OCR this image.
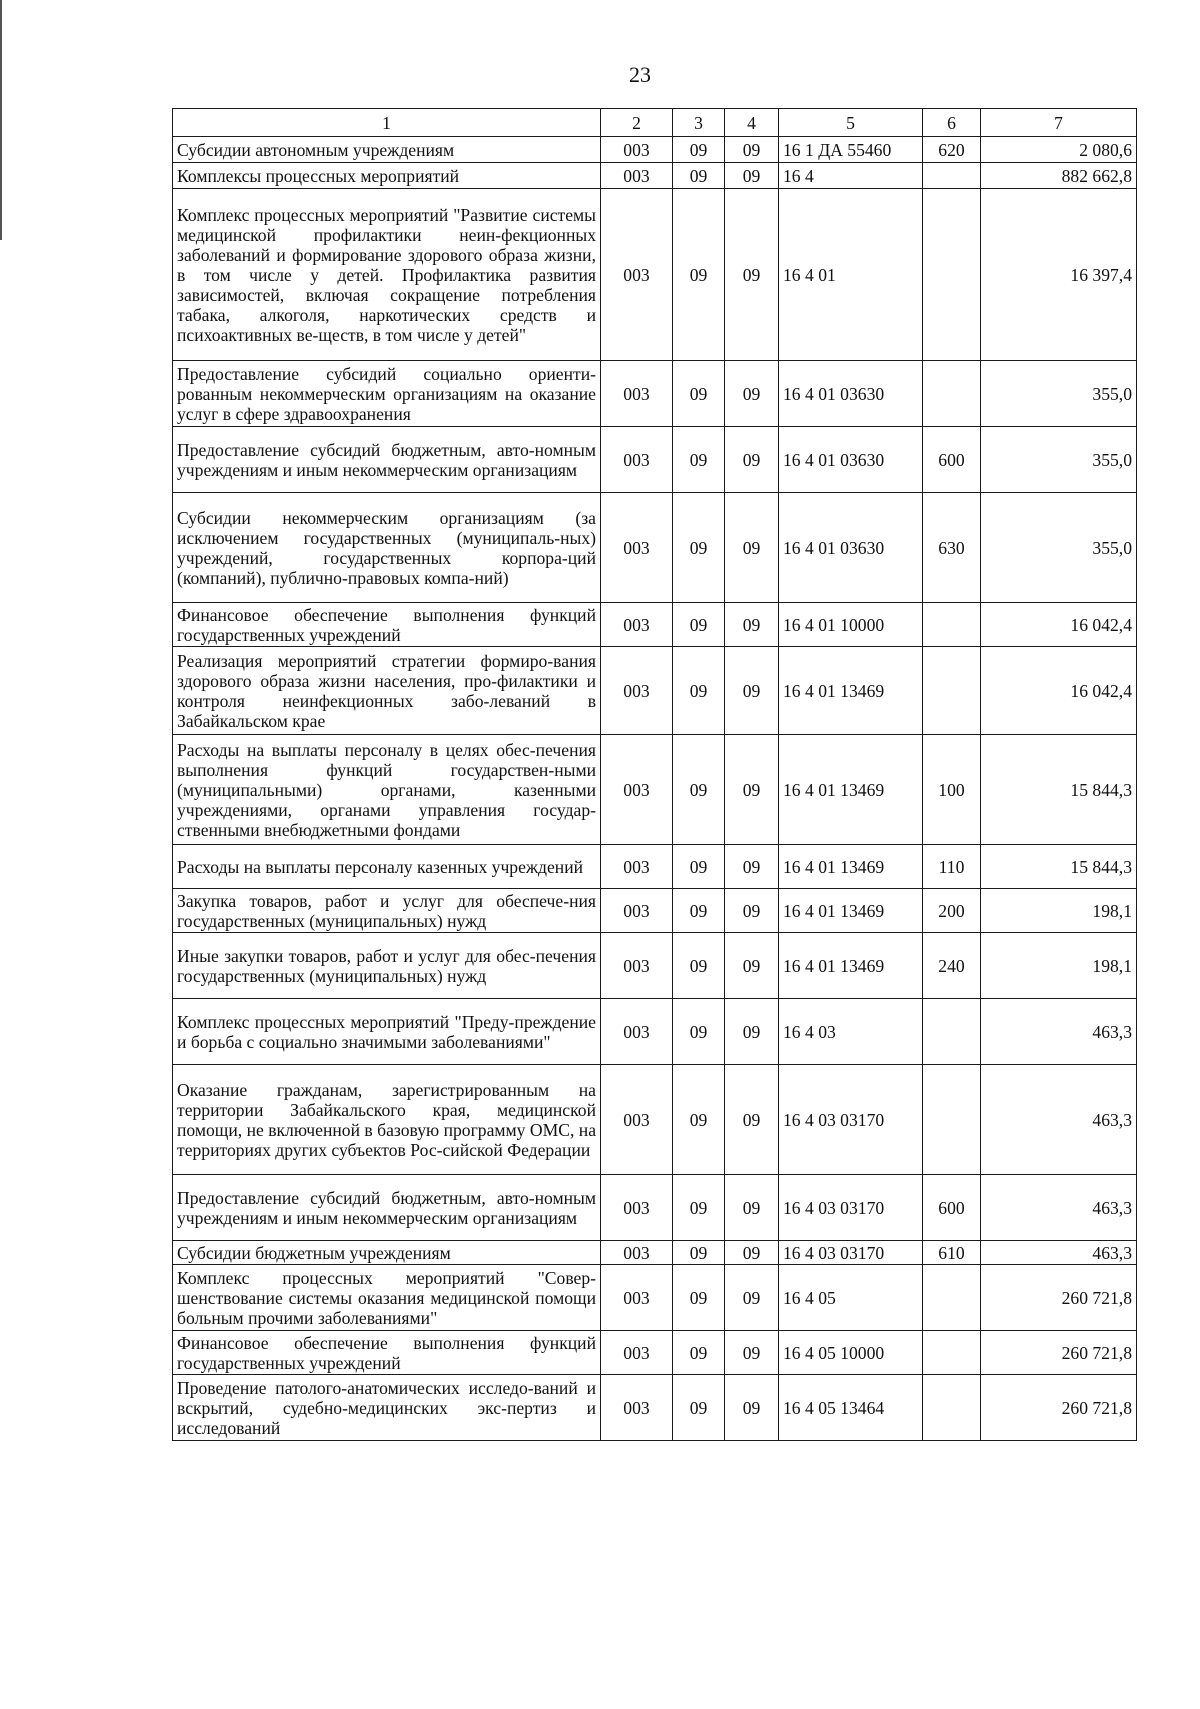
23
1	2	3	4	5	6	7
Субсидии автономным учреждениям	003	09	09	16 1 ДА 55460	620	2 080,6
Комплексы процессных мероприятий	003	09	09	16 4		882 662,8
Комплекс процессных мероприятий "Развитие системы медицинской профилактики неин-фекционных заболеваний и формирование здорового образа жизни, в том числе у детей. Профилактика развития зависимостей, включая сокращение потребления табака, алкоголя, наркотических средств и психоактивных ве-ществ, в том числе у детей"	003	09	09	16 4 01		16 397,4
Предоставление субсидий социально ориенти-рованным некоммерческим организациям на оказание услуг в сфере здравоохранения	003	09	09	16 4 01 03630		355,0
Предоставление субсидий бюджетным, авто-номным учреждениям и иным некоммерческим организациям	003	09	09	16 4 01 03630	600	355,0
Субсидии некоммерческим организациям (за исключением государственных (муниципаль-ных) учреждений, государственных корпора-ций (компаний), публично-правовых компа-ний)	003	09	09	16 4 01 03630	630	355,0
Финансовое обеспечение выполнения функций государственных учреждений	003	09	09	16 4 01 10000		16 042,4
Реализация мероприятий стратегии формиро-вания здорового образа жизни населения, про-филактики и контроля неинфекционных забо-леваний в Забайкальском крае	003	09	09	16 4 01 13469		16 042,4
Расходы на выплаты персоналу в целях обес-печения выполнения функций государствен-ными (муниципальными) органами, казенными учреждениями, органами управления государ-ственными внебюджетными фондами	003	09	09	16 4 01 13469	100	15 844,3
Расходы на выплаты персоналу казенных учреждений	003	09	09	16 4 01 13469	110	15 844,3
Закупка товаров, работ и услуг для обеспече-ния государственных (муниципальных) нужд	003	09	09	16 4 01 13469	200	198,1
Иные закупки товаров, работ и услуг для обес-печения государственных (муниципальных) нужд	003	09	09	16 4 01 13469	240	198,1
Комплекс процессных мероприятий "Преду-преждение и борьба с социально значимыми заболеваниями"	003	09	09	16 4 03		463,3
Оказание гражданам, зарегистрированным на территории Забайкальского края, медицинской помощи, не включенной в базовую программу ОМС, на территориях других субъектов Рос-сийской Федерации	003	09	09	16 4 03 03170		463,3
Предоставление субсидий бюджетным, авто-номным учреждениям и иным некоммерческим организациям	003	09	09	16 4 03 03170	600	463,3
Субсидии бюджетным учреждениям	003	09	09	16 4 03 03170	610	463,3
Комплекс процессных мероприятий "Совер-шенствование системы оказания медицинской помощи больным прочими заболеваниями"	003	09	09	16 4 05		260 721,8
Финансовое обеспечение выполнения функций государственных учреждений	003	09	09	16 4 05 10000		260 721,8
Проведение патолого-анатомических исследо-ваний и вскрытий, судебно-медицинских экс-пертиз и исследований	003	09	09	16 4 05 13464		260 721,8
